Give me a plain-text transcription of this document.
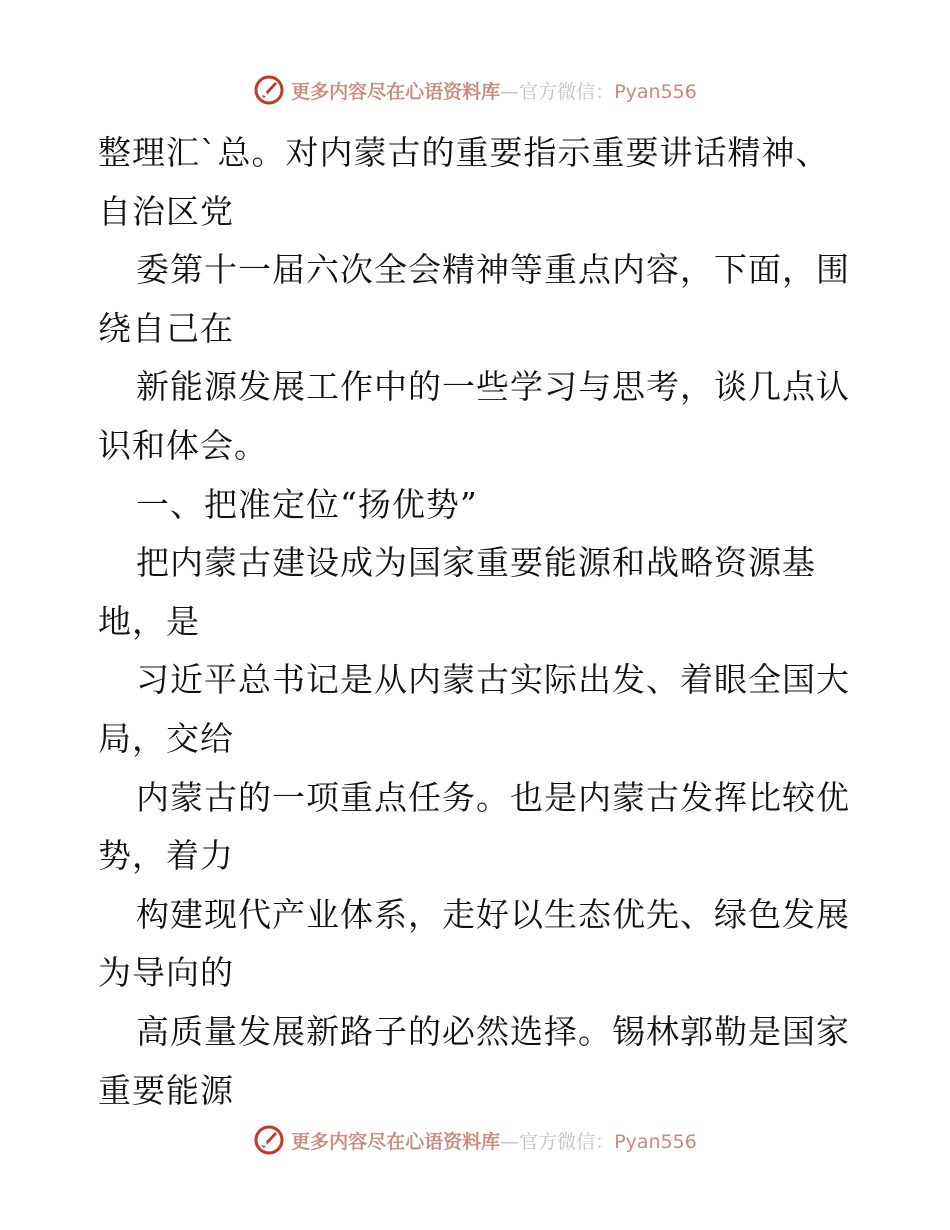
更多内容尽在心语资料库—官方微信：Pyan556
整理汇`总。对内蒙古的重要指示重要讲话精神、
自治区党
委第十一届六次全会精神等重点内容，下面，围
绕自己在
新能源发展工作中的一些学习与思考，谈几点认
识和体会。
一、把准定位“扬优势”
把内蒙古建设成为国家重要能源和战略资源基
地，是
习近平总书记是从内蒙古实际出发、着眼全国大
局，交给
内蒙古的一项重点任务。也是内蒙古发挥比较优
势，着力
构建现代产业体系，走好以生态优先、绿色发展
为导向的
高质量发展新路子的必然选择。锡林郭勒是国家
重要能源
更多内容尽在心语资料库—官方微信：Pyan556
